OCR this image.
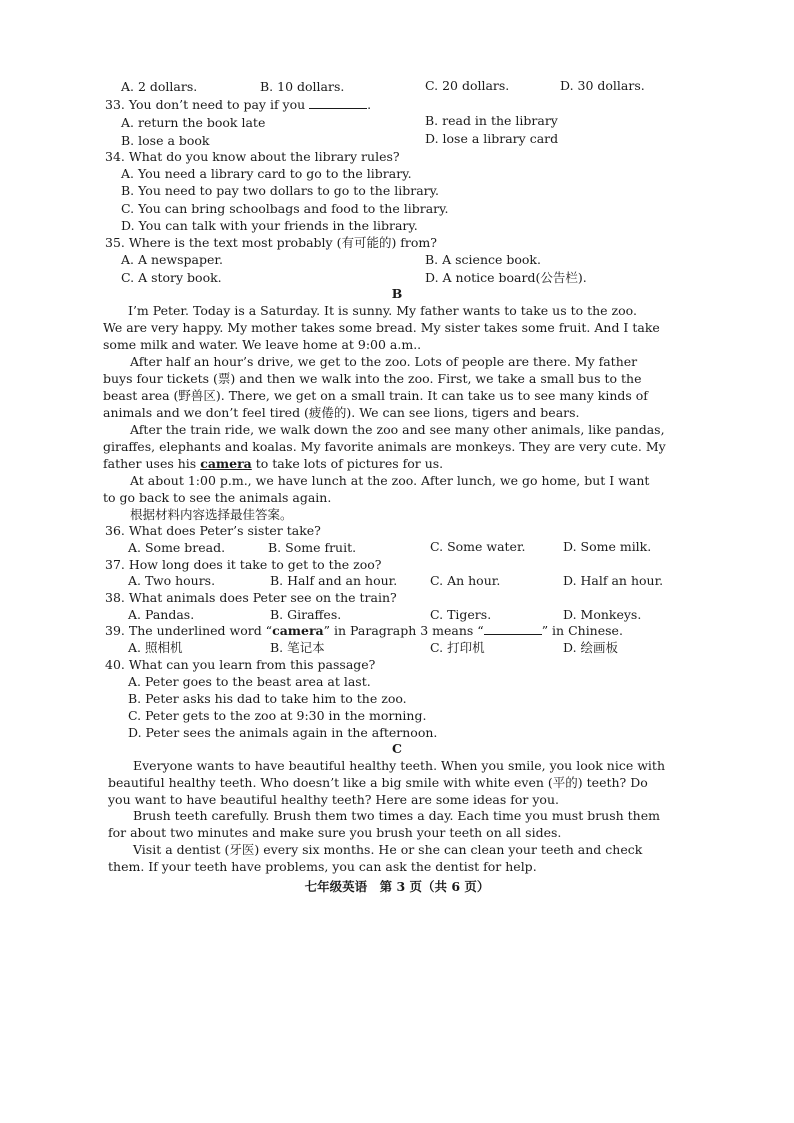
A. 2 dollars.	B. 10 dollars.	C. 20 dollars.	D. 30 dollars.
33. You don’t need to pay if you	.
A. return the book late	B. read in the library
B. lose a book	D. lose a library card
34. What do you know about the library rules?
A. You need a library card to go to the library.
B. You need to pay two dollars to go to the library.
C. You can bring schoolbags and food to the library.
D. You can talk with your friends in the library.
35. Where is the text most probably (有可能的) from?
A. A newspaper.	B. A science book.
C. A story book.	D. A notice board(公告栏).
B
I’m Peter. Today is a Saturday. It is sunny. My father wants to take us to the zoo.
We are very happy. My mother takes some bread. My sister takes some fruit. And I take
some milk and water. We leave home at 9:00 a.m..
After half an hour’s drive, we get to the zoo. Lots of people are there. My father
buys four tickets (票) and then we walk into the zoo. First, we take a small bus to the
beast area (野兽区). There, we get on a small train. It can take us to see many kinds of
animals and we don’t feel tired (疲倦的). We can see lions, tigers and bears.
After the train ride, we walk down the zoo and see many other animals, like pandas,
giraffes, elephants and koalas. My favorite animals are monkeys. They are very cute. My
father uses his camera to take lots of pictures for us.
At about 1:00 p.m., we have lunch at the zoo. After lunch, we go home, but I want
to go back to see the animals again.
根据材料内容选择最佳答案。
36. What does Peter’s sister take?
A. Some bread.	B. Some fruit.	C. Some water.	D. Some milk.
37. How long does it take to get to the zoo?
A. Two hours.	B. Half and an hour.	C. An hour.	D. Half an hour.
38. What animals does Peter see on the train?
A. Pandas.	B. Giraffes.	C. Tigers.	D. Monkeys.
39. The underlined word “camera” in Paragraph 3 means “	” in Chinese.
A. 照相机	B. 笔记本	C. 打印机	D. 绘画板
40. What can you learn from this passage?
A. Peter goes to the beast area at last.
B. Peter asks his dad to take him to the zoo.
C. Peter gets to the zoo at 9:30 in the morning.
D. Peter sees the animals again in the afternoon.
C
Everyone wants to have beautiful healthy teeth. When you smile, you look nice with
beautiful healthy teeth. Who doesn’t like a big smile with white even (平的) teeth? Do
you want to have beautiful healthy teeth? Here are some ideas for you.
Brush teeth carefully. Brush them two times a day. Each time you must brush them
for about two minutes and make sure you brush your teeth on all sides.
Visit a dentist (牙医) every six months. He or she can clean your teeth and check
them. If your teeth have problems, you can ask the dentist for help.
七年级英语　第 3 页（共 6 页）
